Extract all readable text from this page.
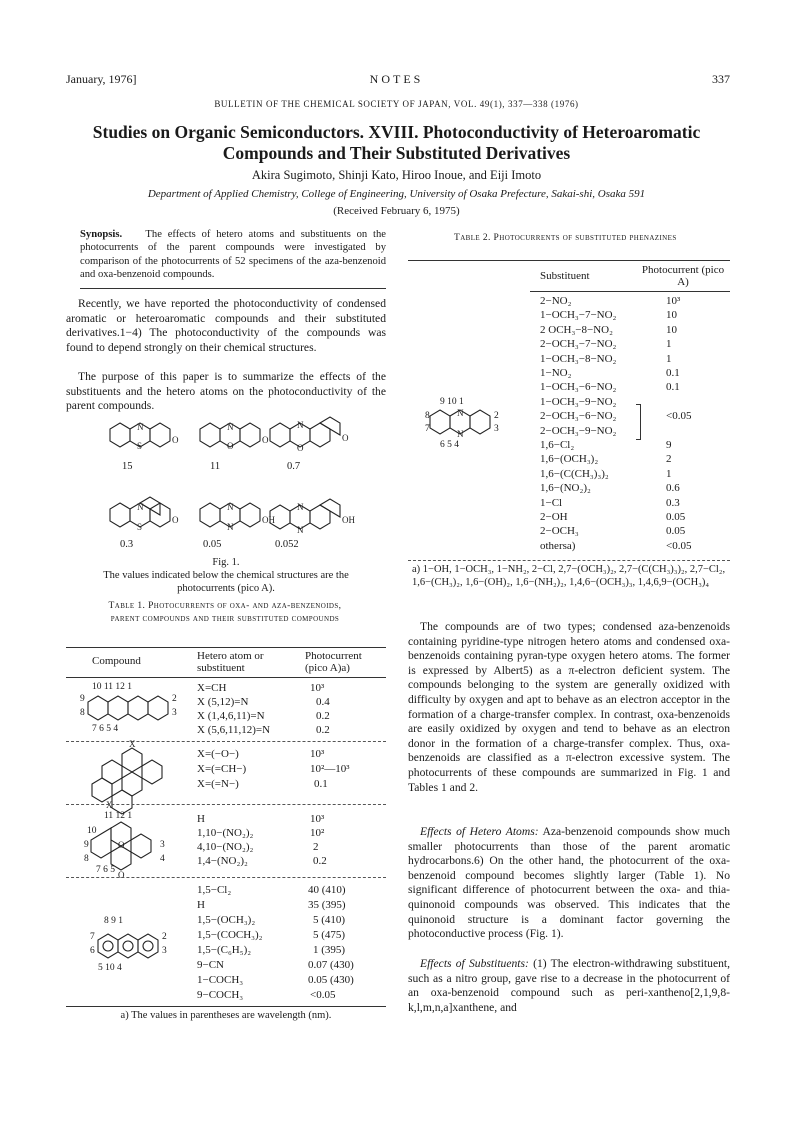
January, 1976]	NOTES	337
BULLETIN OF THE CHEMICAL SOCIETY OF JAPAN, VOL. 49(1), 337—338 (1976)
Studies on Organic Semiconductors. XVIII. Photoconductivity of Heteroaromatic Compounds and Their Substituted Derivatives
Akira Sugimoto, Shinji Kato, Hiroo Inoue, and Eiji Imoto
Department of Applied Chemistry, College of Engineering, University of Osaka Prefecture, Sakai-shi, Osaka 591
(Received February 6, 1975)
Synopsis. The effects of hetero atoms and substituents on the photocurrents of the parent compounds were investigated by comparison of the photocurrents of 52 specimens of the aza-benzenoid and oxa-benzenoid compounds.
Recently, we have reported the photoconductivity of condensed aromatic or heteroaromatic compounds and their substituted derivatives.1−4) The photoconductivity of the compounds was found to depend strongly on their chemical structures.
The purpose of this paper is to summarize the effects of the substituents and the hetero atoms on the photoconductivity of the parent compounds.
N
S
O
N
O
O
N
O
O
N
S
O
N
N
OH
N
N
OH
15	11	0.7
0.3	0.05	0.052
Fig. 1.
The values indicated below the chemical structures are the photocurrents (pico A).
Table 1. Photocurrents of oxa- and aza-benzenoids, parent compounds and their substituted compounds
Compound	Hetero atom or substituent
Photocurrent (pico A)a)
10 11 12 1
9
8
2
3
7 6 5 4
X=CH	10³
X (5,12)=N	0.4
X (1,4,6,11)=N	0.2
X (5,6,11,12)=N	0.2
X
X
X=(−O−)	10³
X=(=CH−)	10²—10³
X=(=N−)	0.1
O
O
11 12 1
10
9
8
3
4
7 6 5
H	10³
1,10−(NO₂)₂	10²
4,10−(NO₂)₂	2
1,4−(NO₂)₂	0.2
8 9 1
7
6
2
3
5 10 4
1,5−Cl₂	40 (410)
H	35 (395)
1,5−(OCH₃)₂	5 (410)
1,5−(COCH₃)₂	5 (475)
1,5−(C₆H₅)₂	1 (395)
9−CN	0.07 (430)
1−COCH₃	0.05 (430)
9−COCH₃	<0.05
a) The values in parentheses are wavelength (nm).
Table 2. Photocurrents of substituted phenazines
Substituent	Photocurrent (pico A)
N
N
9 10 1
8
7
2
3
6 5 4
2−NO₂	10³
1−OCH₃−7−NO₂	10
2 OCH₃−8−NO₂	10
2−OCH₃−7−NO₂	1
1−OCH₃−8−NO₂	1
1−NO₂	0.1
1−OCH₃−6−NO₂	0.1
1−OCH₃−9−NO₂
2−OCH₃−6−NO₂	<0.05
2−OCH₃−9−NO₂
1,6−Cl₂	9
1,6−(OCH₃)₂	2
1,6−(C(CH₃)₃)₂	1
1,6−(NO₂)₂	0.6
1−Cl	0.3
2−OH	0.05
2−OCH₃	0.05
othersa)	<0.05
a) 1−OH, 1−OCH₃, 1−NH₂, 2−Cl, 2,7−(OCH₃)₂, 2,7−(C(CH₃)₃)₂, 2,7−Cl₂, 1,6−(CH₃)₂, 1,6−(OH)₂, 1,6−(NH₂)₂, 1,4,6−(OCH₃)₃, 1,4,6,9−(OCH₃)₄
The compounds are of two types; condensed aza-benzenoids containing pyridine-type nitrogen hetero atoms and condensed oxa-benzenoids containing pyran-type oxygen hetero atoms. The former is expressed by Albert5) as a π-electron deficient system. The compounds belonging to the system are generally oxidized with difficulty by oxygen and apt to behave as an electron acceptor in the formation of a charge-transfer complex. In contrast, oxa-benzenoids are easily oxidized by oxygen and tend to behave as an electron donor in the formation of a charge-transfer complex. Thus, oxa-benzenoids are classified as a π-electron excessive system. The photocurrents of these compounds are summarized in Fig. 1 and Tables 1 and 2.
Effects of Hetero Atoms: Aza-benzenoid compounds show much smaller photocurrents than those of the parent aromatic hydrocarbons.6) On the other hand, the photocurrent of the oxa-benzenoid compound becomes slightly larger (Table 1). No significant difference of photocurrent between the oxa- and thia-quinonoid compounds was observed. This indicates that the quinonoid structure is a dominant factor governing the photoconductive process (Fig. 1).
Effects of Substituents: (1) The electron-withdrawing substituent, such as a nitro group, gave rise to a decrease in the photocurrent of an oxa-benzenoid compound such as peri-xantheno[2,1,9,8-k,l,m,n,a]xanthene, and
